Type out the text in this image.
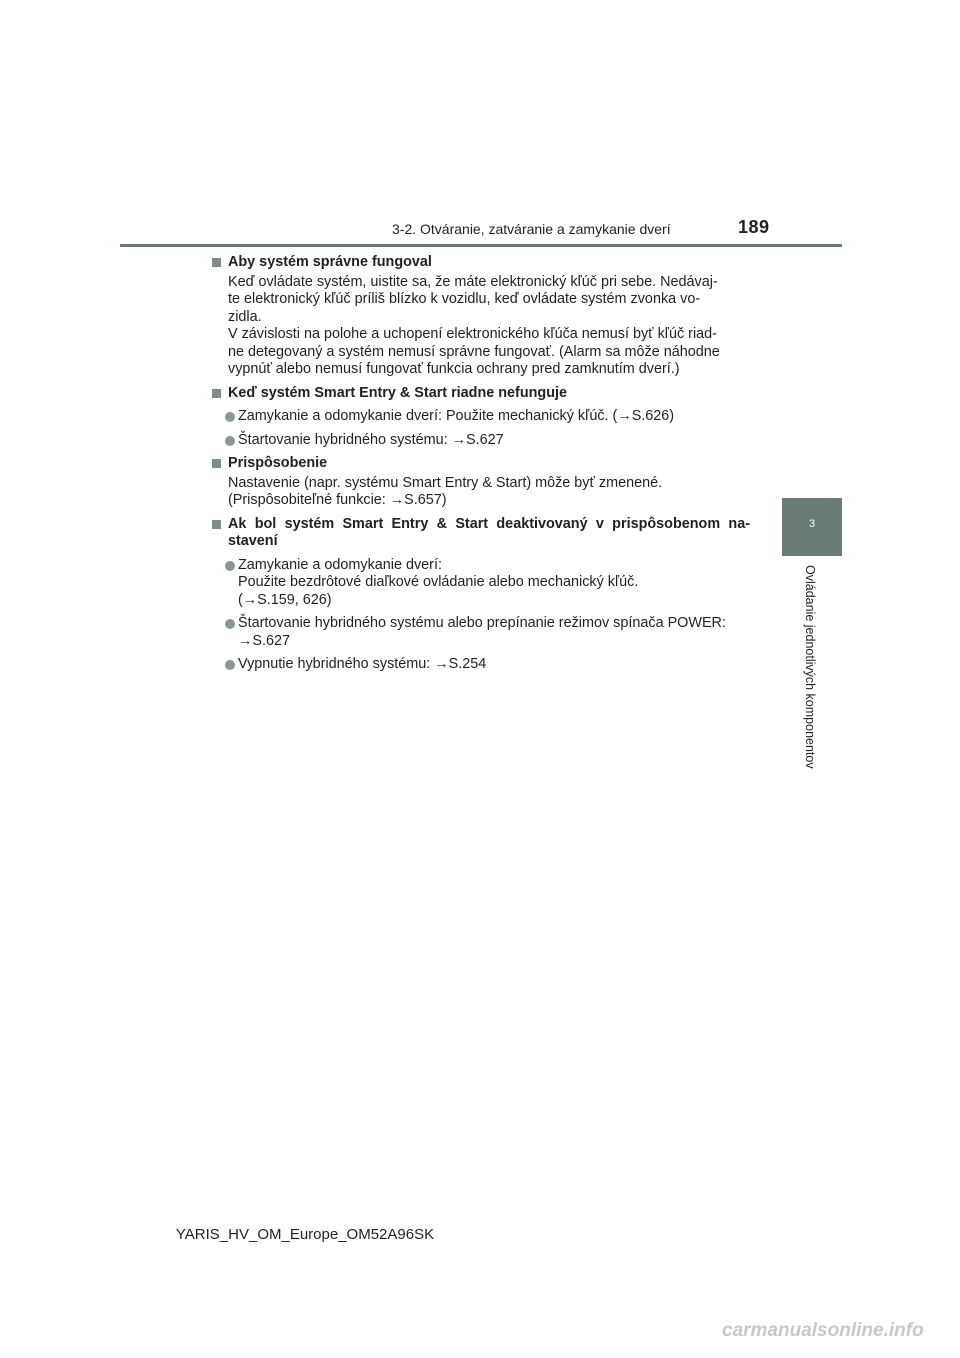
3-2. Otváranie, zatváranie a zamykanie dverí	189
3
Ovládanie jednotlivých komponentov
Aby systém správne fungoval
Keď ovládate systém, uistite sa, že máte elektronický kľúč pri sebe. Nedávaj-
te elektronický kľúč príliš blízko k vozidlu, keď ovládate systém zvonka vo-
zidla.
V závislosti na polohe a uchopení elektronického kľúča nemusí byť kľúč riad-
ne detegovaný a systém nemusí správne fungovať. (Alarm sa môže náhodne
vypnúť alebo nemusí fungovať funkcia ochrany pred zamknutím dverí.)
Keď systém Smart Entry & Start riadne nefunguje
Zamykanie a odomykanie dverí: Použite mechanický kľúč. (→S.626)
Štartovanie hybridného systému: →S.627
Prispôsobenie
Nastavenie (napr. systému Smart Entry & Start) môže byť zmenené.
(Prispôsobiteľné funkcie: →S.657)
Ak bol systém Smart Entry & Start deaktivovaný v prispôsobenom na-
stavení
Zamykanie a odomykanie dverí:
Použite bezdrôtové diaľkové ovládanie alebo mechanický kľúč.
(→S.159, 626)
Štartovanie hybridného systému alebo prepínanie režimov spínača POWER:
→S.627
Vypnutie hybridného systému: →S.254
YARIS_HV_OM_Europe_OM52A96SK
carmanualsonline.info
